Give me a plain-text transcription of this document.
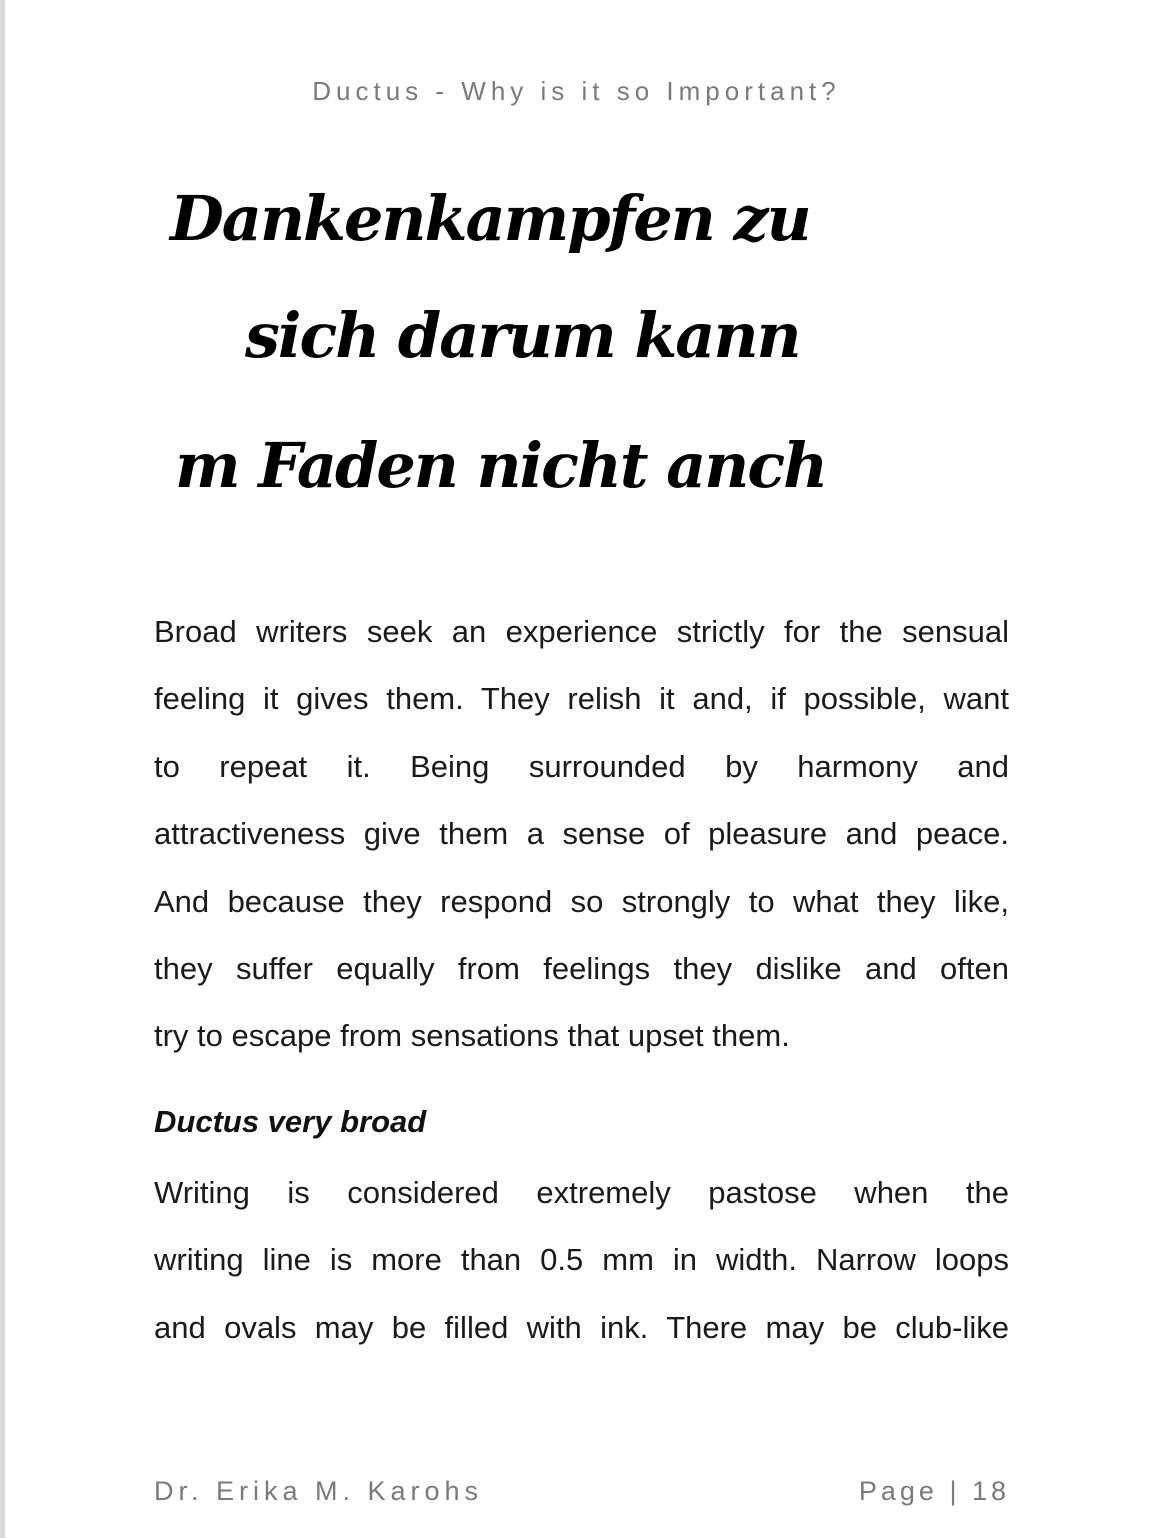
Ductus - Why is it so Important?
Dankenkampfen zu
sich darum kann
m Faden nicht anch
Broad writers seek an experience strictly for the sensual
feeling it gives them. They relish it and, if possible, want
to repeat it. Being surrounded by harmony and
attractiveness give them a sense of pleasure and peace.
And because they respond so strongly to what they like,
they suffer equally from feelings they dislike and often
try to escape from sensations that upset them.
Ductus very broad
Writing is considered extremely pastose when the
writing line is more than 0.5 mm in width. Narrow loops
and ovals may be filled with ink. There may be club-like
Dr. Erika M. Karohs	Page | 18
